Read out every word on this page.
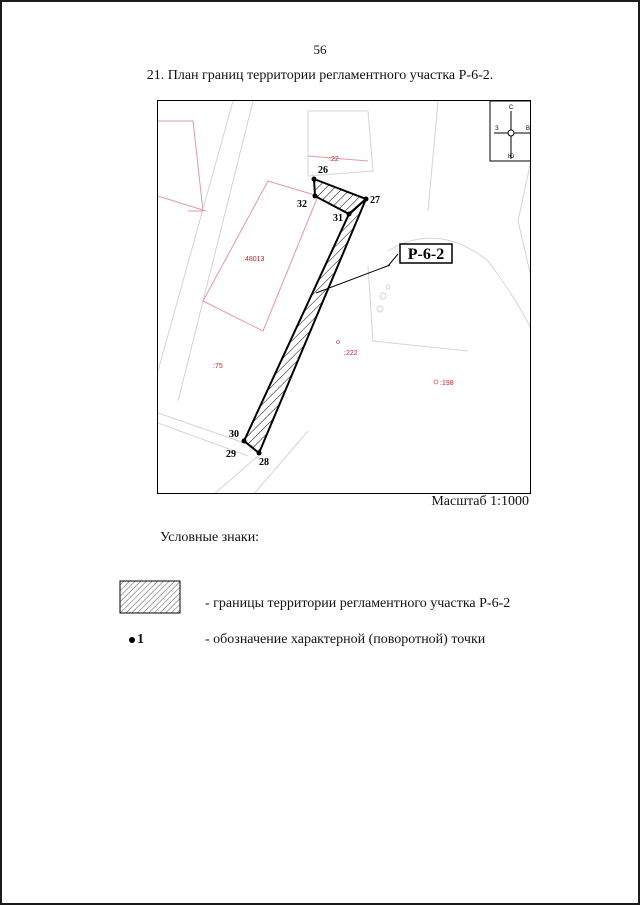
56
21. План границ территории регламентного участка Р-6-2.
Р-6-2
26
27
31
32
30
29
28
:22
:48013
:75
:222
:198
С
Ю
З	В
Масштаб 1:1000
Условные знаки:
- границы территории регламентного участка Р-6-2
1	- обозначение характерной (поворотной) точки
